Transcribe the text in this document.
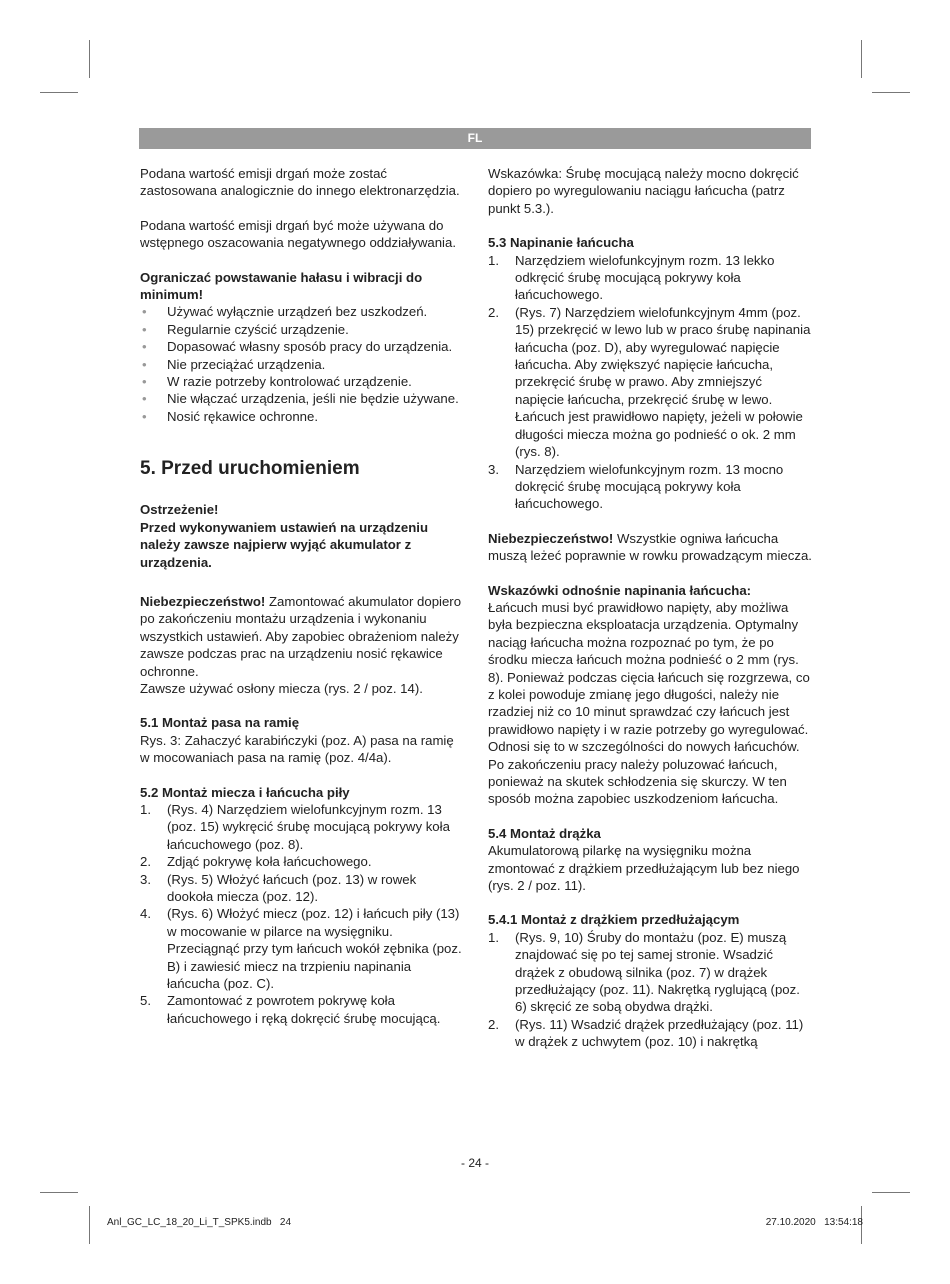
FL

Podana wartość emisji drgań może zostać zastosowana analogicznie do innego elektronarzędzia.

Podana wartość emisji drgań być może używana do wstępnego oszacowania negatywnego oddziaływania.

Ograniczać powstawanie hałasu i wibracji do minimum!
• Używać wyłącznie urządzeń bez uszkodzeń.
• Regularnie czyścić urządzenie.
• Dopasować własny sposób pracy do urządzenia.
• Nie przeciążać urządzenia.
• W razie potrzeby kontrolować urządzenie.
• Nie włączać urządzenia, jeśli nie będzie używane.
• Nosić rękawice ochronne.
5. Przed uruchomieniem
Ostrzeżenie!
Przed wykonywaniem ustawień na urządzeniu należy zawsze najpierw wyjąć akumulator z urządzenia.

Niebezpieczeństwo! Zamontować akumulator dopiero po zakończeniu montażu urządzenia i wykonaniu wszystkich ustawień. Aby zapobiec obrażeniom należy zawsze podczas prac na urządzeniu nosić rękawice ochronne.

Zawsze używać osłony miecza (rys. 2 / poz. 14).

5.1 Montaż pasa na ramię

Rys. 3: Zahaczyć karabińczyki (poz. A) pasa na ramię w mocowaniach pasa na ramię (poz. 4/4a).

5.2 Montaż miecza i łańcucha piły
1. (Rys. 4) Narzędziem wielofunkcyjnym rozm. 13 (poz. 15) wykręcić śrubę mocującą pokrywy koła łańcuchowego (poz. 8).
2. Zdjąć pokrywę koła łańcuchowego.
3. (Rys. 5) Włożyć łańcuch (poz. 13) w rowek dookoła miecza (poz. 12).
4. (Rys. 6) Włożyć miecz (poz. 12) i łańcuch piły (13) w mocowanie w pilarce na wysięgniku. Przeciągnąć przy tym łańcuch wokół zębnika (poz. B) i zawiesić miecz na trzpieniu napinania łańcucha (poz. C).
5. Zamontować z powrotem pokrywę koła łańcuchowego i ręką dokręcić śrubę mocującą.

Wskazówka: Śrubę mocującą należy mocno dokręcić dopiero po wyregulowaniu naciągu łańcucha (patrz punkt 5.3.).

5.3 Napinanie łańcucha
1. Narzędziem wielofunkcyjnym rozm. 13 lekko odkręcić śrubę mocującą pokrywy koła łańcuchowego.
2. (Rys. 7) Narzędziem wielofunkcyjnym 4mm (poz. 15) przekręcić w lewo lub w praco śrubę napinania łańcucha (poz. D), aby wyregulować napięcie łańcucha. Aby zwiększyć napięcie łańcucha, przekręcić śrubę w prawo. Aby zmniejszyć napięcie łańcucha, przekręcić śrubę w lewo. Łańcuch jest prawidłowo napięty, jeżeli w połowie długości miecza można go podnieść o ok. 2 mm (rys. 8).
3. Narzędziem wielofunkcyjnym rozm. 13 mocno dokręcić śrubę mocującą pokrywy koła łańcuchowego.

Niebezpieczeństwo! Wszystkie ogniwa łańcucha muszą leżeć poprawnie w rowku prowadzącym miecza.

Wskazówki odnośnie napinania łańcucha:

Łańcuch musi być prawidłowo napięty, aby możliwa była bezpieczna eksploatacja urządzenia. Optymalny naciąg łańcucha można rozpoznać po tym, że po środku miecza łańcuch można podnieść o 2 mm (rys. 8). Ponieważ podczas cięcia łańcuch się rozgrzewa, co z kolei powoduje zmianę jego długości, należy nie rzadziej niż co 10 minut sprawdzać czy łańcuch jest prawidłowo napięty i w razie potrzeby go wyregulować. Odnosi się to w szczególności do nowych łańcuchów. Po zakończeniu pracy należy poluzować łańcuch, ponieważ na skutek schłodzenia się skurczy. W ten sposób można zapobiec uszkodzeniom łańcucha.

5.4 Montaż drążka

Akumulatorową pilarkę na wysięgniku można zmontować z drążkiem przedłużającym lub bez niego (rys. 2 / poz. 11).

5.4.1 Montaż z drążkiem przedłużającym
1. (Rys. 9, 10) Śruby do montażu (poz. E) muszą znajdować się po tej samej stronie. Wsadzić drążek z obudową silnika (poz. 7) w drążek przedłużający (poz. 11). Nakrętką ryglującą (poz. 6) skręcić ze sobą obydwa drążki.
2. (Rys. 11) Wsadzić drążek przedłużający (poz. 11) w drążek z uchwytem (poz. 10) i nakrętką
- 24 -
Anl_GC_LC_18_20_Li_T_SPK5.indb   24	27.10.2020   13:54:18
